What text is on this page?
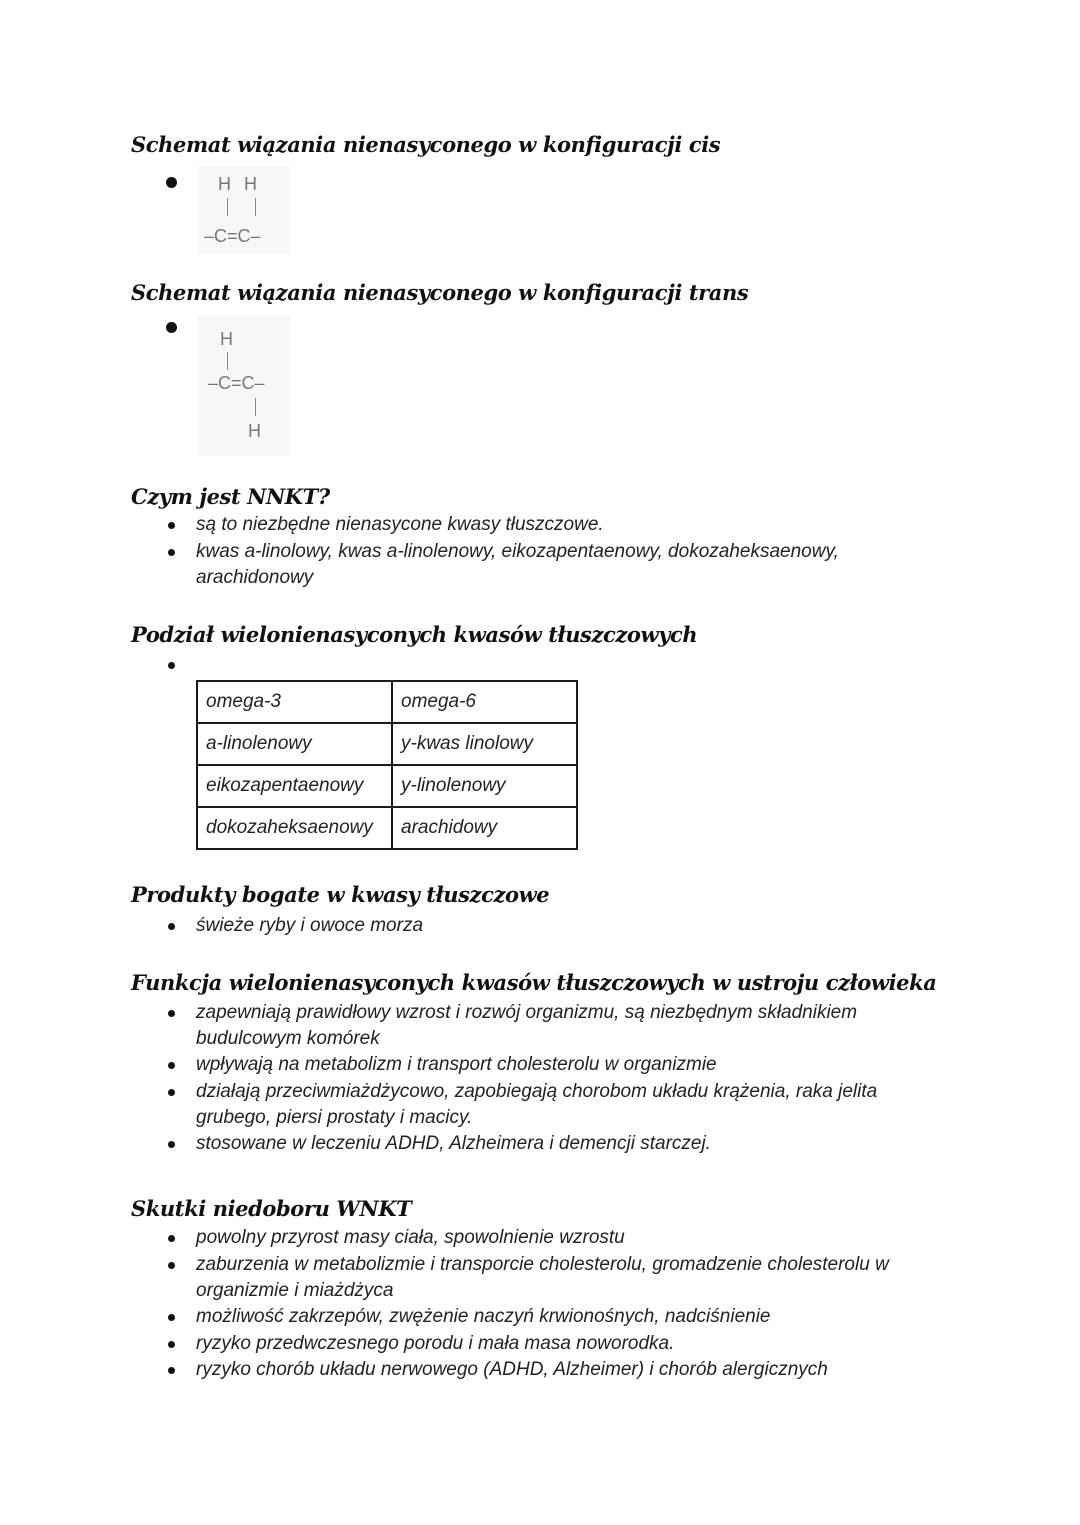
Schemat wiązania nienasyconego w konfiguracji cis
H H
–C=C–
Schemat wiązania nienasyconego w konfiguracji trans
H
–C=C–
H
Czym jest NNKT?
są to niezbędne nienasycone kwasy tłuszczowe.
kwas a-linolowy, kwas a-linolenowy, eikozapentaenowy, dokozaheksaenowy,
arachidonowy
Podział wielonienasyconych kwasów tłuszczowych
omega-3	omega-6
a-linolenowy	y-kwas linolowy
eikozapentaenowy	y-linolenowy
dokozaheksaenowy	arachidowy
Produkty bogate w kwasy tłuszczowe
świeże ryby i owoce morza
Funkcja wielonienasyconych kwasów tłuszczowych w ustroju człowieka
zapewniają prawidłowy wzrost i rozwój organizmu, są niezbędnym składnikiem
budulcowym komórek
wpływają na metabolizm i transport cholesterolu w organizmie
działają przeciwmiażdżycowo, zapobiegają chorobom układu krążenia, raka jelita
grubego, piersi prostaty i macicy.
stosowane w leczeniu ADHD, Alzheimera i demencji starczej.
Skutki niedoboru WNKT
powolny przyrost masy ciała, spowolnienie wzrostu
zaburzenia w metabolizmie i transporcie cholesterolu, gromadzenie cholesterolu w
organizmie i miażdżyca
możliwość zakrzepów, zwężenie naczyń krwionośnych, nadciśnienie
ryzyko przedwczesnego porodu i mała masa noworodka.
ryzyko chorób układu nerwowego (ADHD, Alzheimer) i chorób alergicznych
